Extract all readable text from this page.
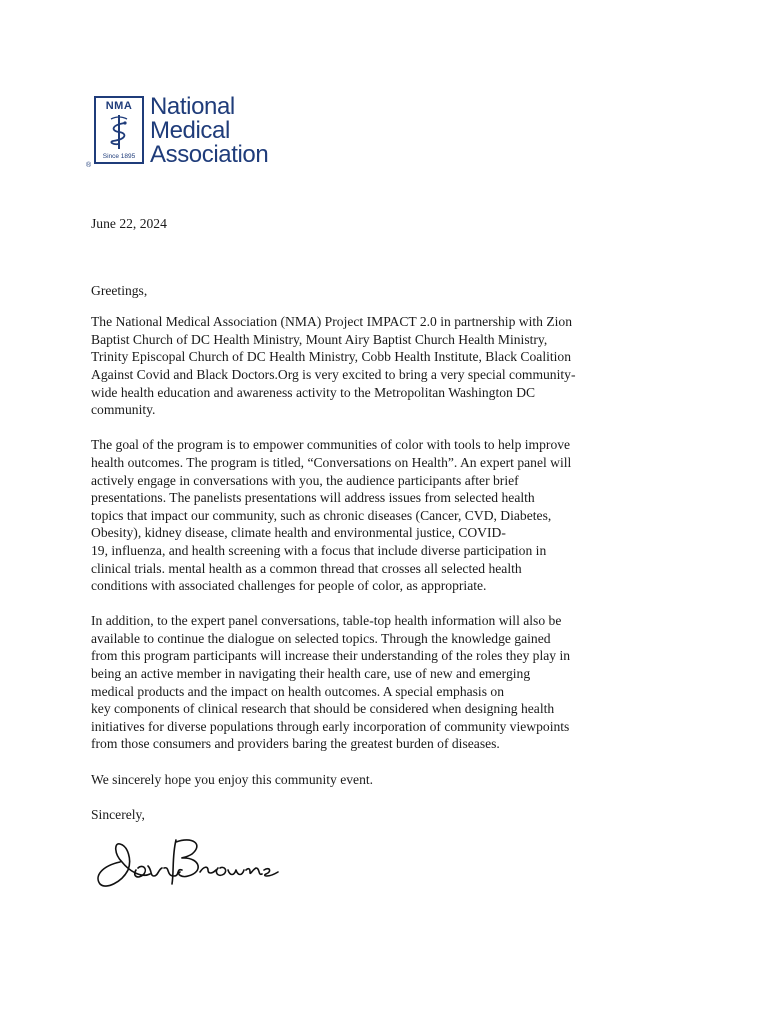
NMA
Since 1895
®
National
Medical
Association
June 22, 2024
Greetings,
The National Medical Association (NMA) Project IMPACT 2.0 in partnership with Zion
Baptist Church of DC Health Ministry, Mount Airy Baptist Church Health Ministry,
Trinity Episcopal Church of DC Health Ministry, Cobb Health Institute, Black Coalition
Against Covid and Black Doctors.Org is very excited to bring a very special community-
wide health education and awareness activity to the Metropolitan Washington DC
community.
The goal of the program is to empower communities of color with tools to help improve
health outcomes. The program is titled, “Conversations on Health”. An expert panel will
actively engage in conversations with you, the audience participants after brief
presentations. The panelists presentations will address issues from selected health
topics that impact our community, such as chronic diseases (Cancer, CVD, Diabetes,
Obesity), kidney disease, climate health and environmental justice, COVID-
19, influenza, and health screening with a focus that include diverse participation in
clinical trials. mental health as a common thread that crosses all selected health
conditions with associated challenges for people of color, as appropriate.
In addition, to the expert panel conversations, table-top health information will also be
available to continue the dialogue on selected topics. Through the knowledge gained
from this program participants will increase their understanding of the roles they play in
being an active member in navigating their health care, use of new and emerging
medical products and the impact on health outcomes. A special emphasis on
key components of clinical research that should be considered when designing health
initiatives for diverse populations through early incorporation of community viewpoints
from those consumers and providers baring the greatest burden of diseases.
We sincerely hope you enjoy this community event.
Sincerely,
